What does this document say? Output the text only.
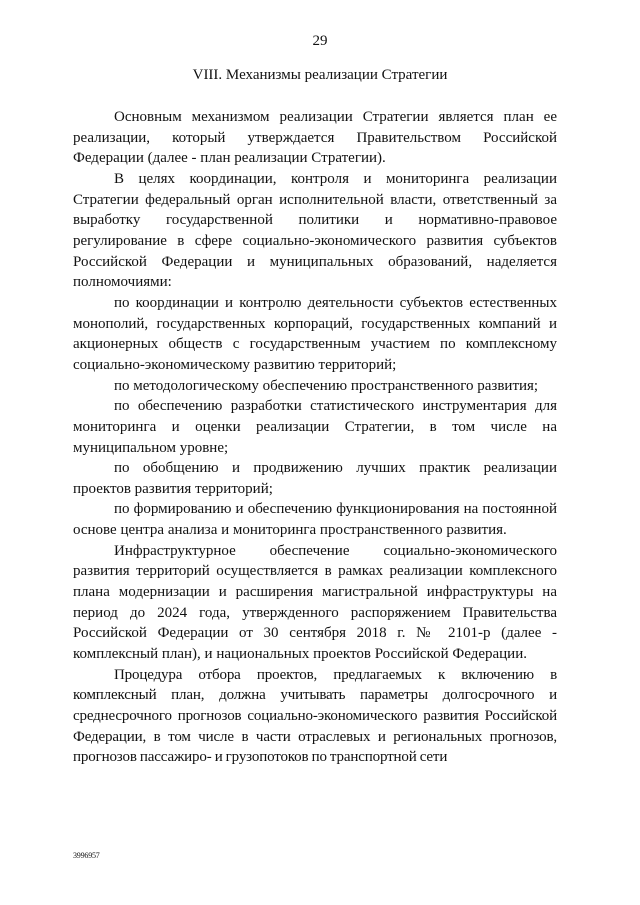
29
VIII. Механизмы реализации Стратегии

Основным механизмом реализации Стратегии является план ее реализации, который утверждается Правительством Российской Федерации (далее - план реализации Стратегии).

В целях координации, контроля и мониторинга реализации Стратегии федеральный орган исполнительной власти, ответственный за выработку государственной политики и нормативно-правовое регулирование в сфере социально-экономического развития субъектов Российской Федерации и муниципальных образований, наделяется полномочиями:

по координации и контролю деятельности субъектов естественных монополий, государственных корпораций, государственных компаний и акционерных обществ с государственным участием по комплексному социально-экономическому развитию территорий;

по методологическому обеспечению пространственного развития;

по обеспечению разработки статистического инструментария для мониторинга и оценки реализации Стратегии, в том числе на муниципальном уровне;

по обобщению и продвижению лучших практик реализации проектов развития территорий;

по формированию и обеспечению функционирования на постоянной основе центра анализа и мониторинга пространственного развития.

Инфраструктурное обеспечение социально-экономического развития территорий осуществляется в рамках реализации комплексного плана модернизации и расширения магистральной инфраструктуры на период до 2024 года, утвержденного распоряжением Правительства Российской Федерации от 30 сентября 2018 г. № 2101-р (далее - комплексный план), и национальных проектов Российской Федерации.

Процедура отбора проектов, предлагаемых к включению в комплексный план, должна учитывать параметры долгосрочного и среднесрочного прогнозов социально-экономического развития Российской Федерации, в том числе в части отраслевых и региональных прогнозов, прогнозов пассажиро- и грузопотоков по транспортной сети

3996957
